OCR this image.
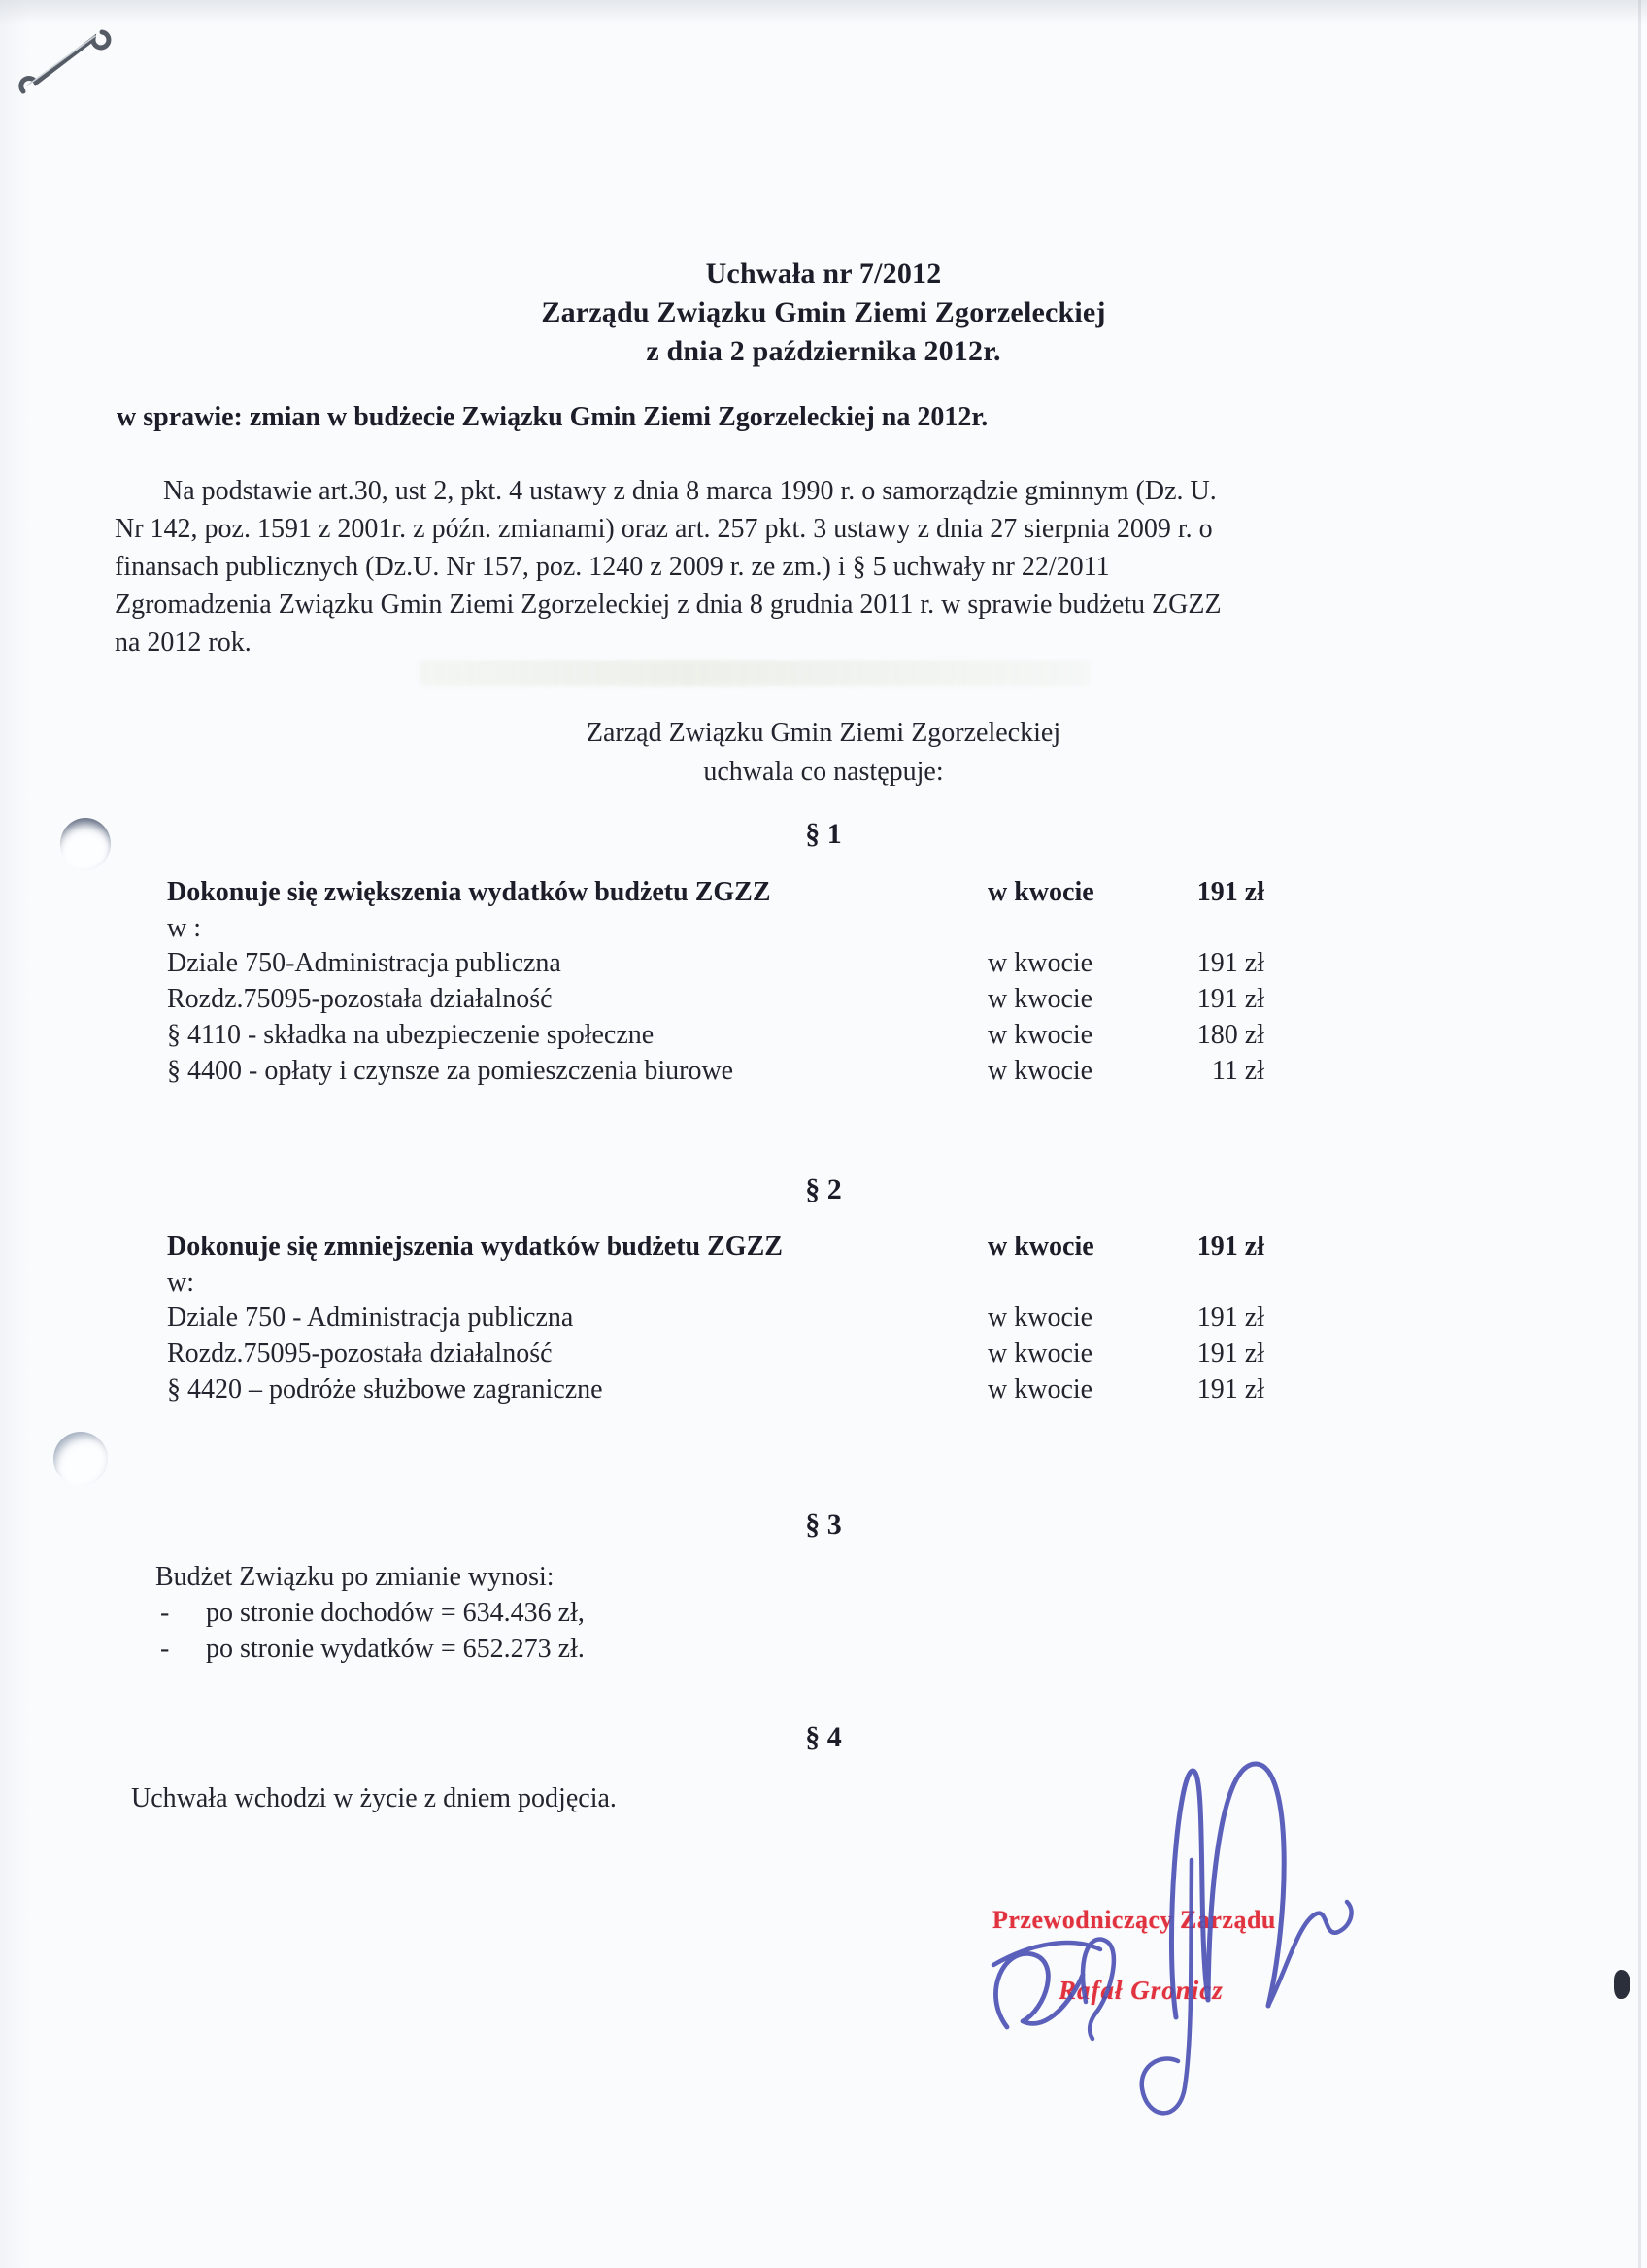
Uchwała nr 7/2012
Zarządu Związku Gmin Ziemi Zgorzeleckiej
z dnia 2 października 2012r.
w sprawie: zmian w budżecie Związku Gmin Ziemi Zgorzeleckiej na 2012r.
Na podstawie art.30, ust 2, pkt. 4 ustawy z dnia 8 marca 1990 r. o samorządzie gminnym (Dz. U.
Nr 142, poz. 1591 z 2001r. z późn. zmianami) oraz art. 257 pkt. 3 ustawy z dnia 27 sierpnia 2009 r. o
finansach publicznych (Dz.U. Nr 157, poz. 1240 z 2009 r. ze zm.) i § 5 uchwały nr 22/2011
Zgromadzenia Związku Gmin Ziemi Zgorzeleckiej z dnia 8 grudnia 2011 r. w sprawie budżetu ZGZZ
na 2012 rok.
Zarząd Związku Gmin Ziemi Zgorzeleckiej
uchwala co następuje:
§ 1
Dokonuje się zwiększenia wydatków budżetu ZGZZ	w kwocie	191 zł
w :
Dziale 750-Administracja publiczna	w kwocie	191 zł
Rozdz.75095-pozostała działalność	w kwocie	191 zł
§ 4110 - składka na ubezpieczenie społeczne	w kwocie	180 zł
§ 4400 - opłaty i czynsze za pomieszczenia biurowe	w kwocie	11 zł
§ 2
Dokonuje się zmniejszenia wydatków budżetu ZGZZ	w kwocie	191 zł
w:
Dziale 750 - Administracja publiczna	w kwocie	191 zł
Rozdz.75095-pozostała działalność	w kwocie	191 zł
§ 4420 – podróże służbowe zagraniczne	w kwocie	191 zł
§ 3
Budżet Związku po zmianie wynosi:
-	po stronie dochodów = 634.436 zł,
-	po stronie wydatków = 652.273 zł.
§ 4
Uchwała wchodzi w życie z dniem podjęcia.
Przewodniczący Zarządu
Rafał Gronicz
